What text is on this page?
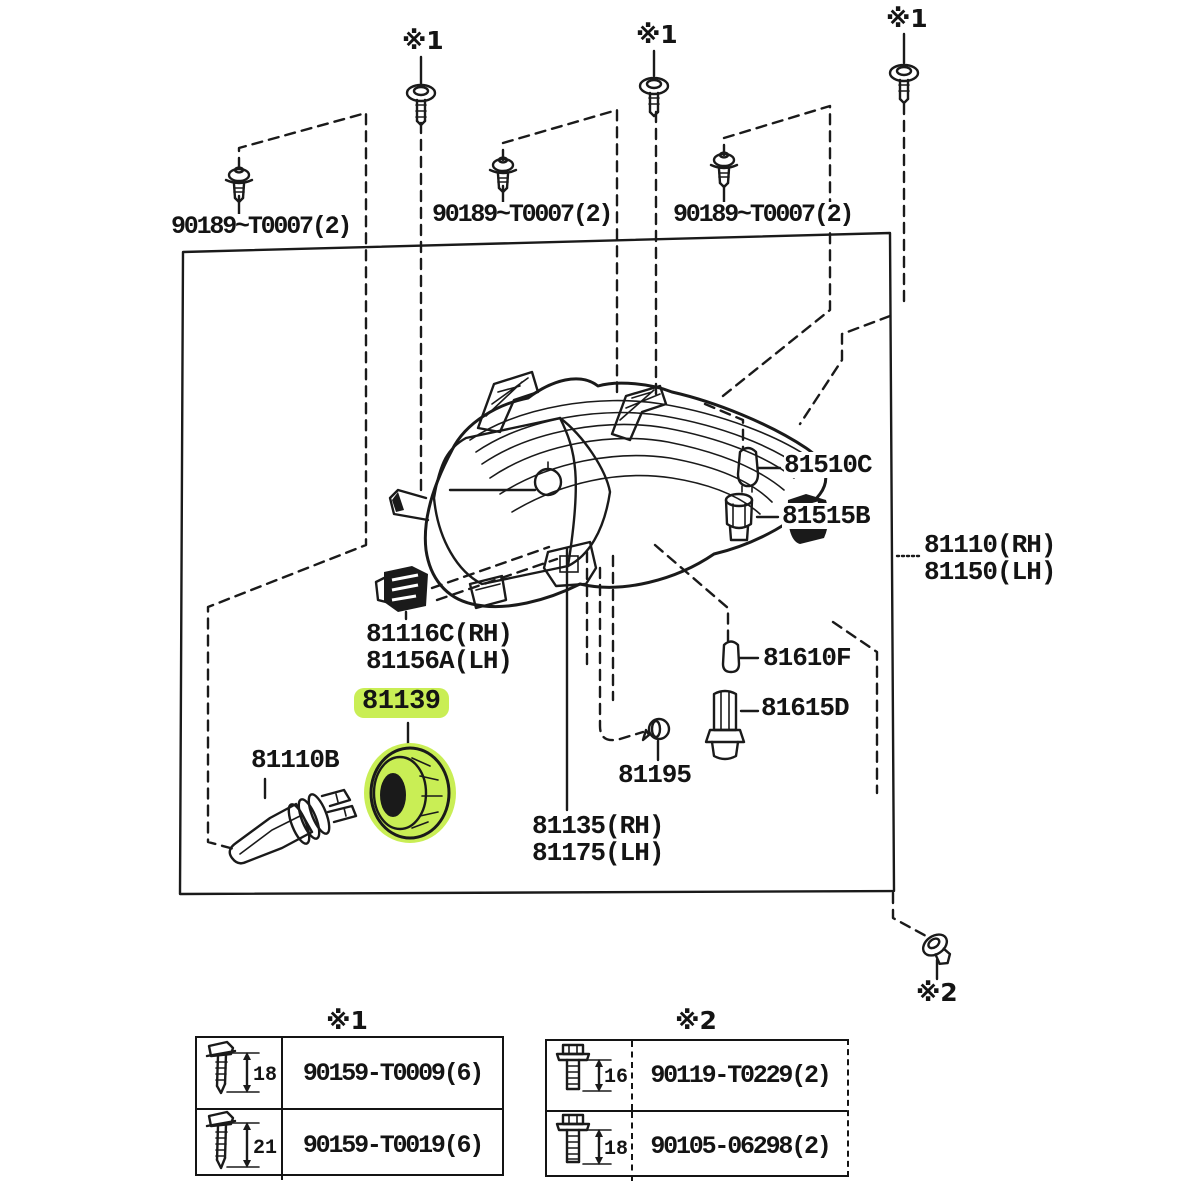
※1	※1
※1
※2
90189~T0007(2)	90189~T0007(2) 90189~T0007(2)
81510C
81515B
81110(RH)
81150(LH)
81116C(RH)
81156A(LH)
81139
81110B	81195
81135(RH)
81175(LH)
81610F
81615D
※1
18 90159-T0009(6)
21 90159-T0019(6)
※2
16 90119-T0229(2)
18 90105-06298(2)
